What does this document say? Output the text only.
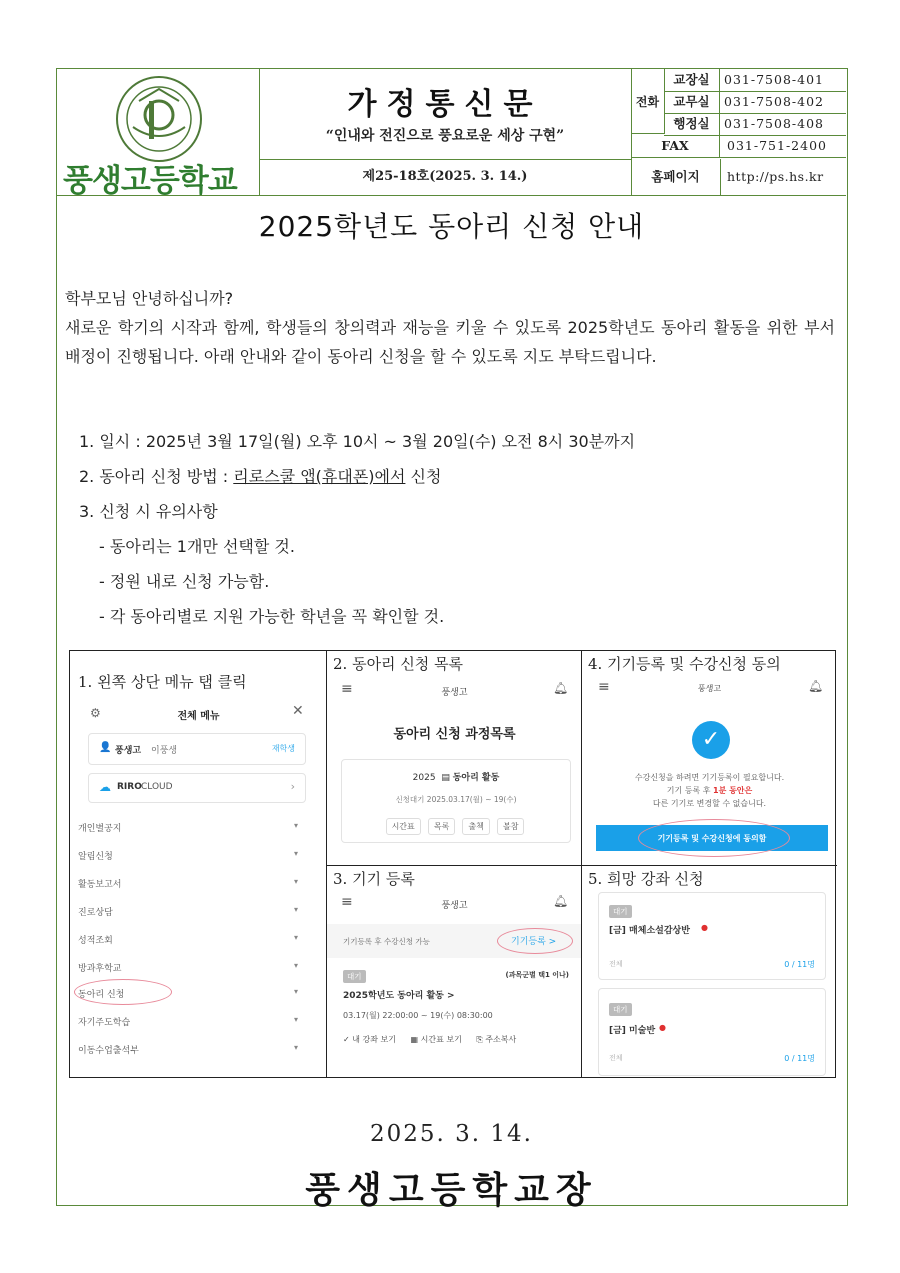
풍생고등학교
가정통신문
“인내와 전진으로 풍요로운 세상 구현”
제25-18호(2025. 3. 14.)
전화
교장실	031-7508-401
교무실	031-7508-402
행정실	031-7508-408
FAX	031-751-2400
홈페이지	http://ps.hs.kr
2025학년도 동아리 신청 안내

학부모님 안녕하십니까?

새로운 학기의 시작과 함께, 학생들의 창의력과 재능을 키울 수 있도록 2025학년도 동아리 활동을 위한 부서 배정이 진행됩니다. 아래 안내와 같이 동아리 신청을 할 수 있도록 지도 부탁드립니다.

1. 일시 : 2025년 3월 17일(월) 오후 10시 ~ 3월 20일(수) 오전 8시 30분까지
2. 동아리 신청 방법 : 리로스쿨 앱(휴대폰)에서 신청
3. 신청 시 유의사항
- 동아리는 1개만 선택할 것.
- 정원 내로 신청 가능함.
- 각 동아리별로 지원 가능한 학년을 꼭 확인할 것.
1. 왼쪽 상단 메뉴 탭 클릭
⚙	전체 메뉴	✕
👤 풍생고 이풍생	재학생
☁ RIRO CLOUD	›
개인별공지	▾
알림신청	▾
활동보고서	▾
진로상담	▾
성적조회	▾
방과후학교	▾
동아리 신청	▾
자기주도학습	▾
이동수업출석부	▾
2. 동아리 신청 목록
≡	풍생고	🔔︎
동아리 신청 과정목록
2025 ▤ 동아리 활동
신청대기 2025.03.17(월) ~ 19(수)
시간표 목록 출첵 볼참
3. 기기 등록
≡	풍생고	🔔︎
기기등록 후 수강신청 가능	기기등록 >
대기	(과목군별 택1 이나)
2025학년도 동아리 활동 >
03.17(월) 22:00:00 ~ 19(수) 08:30:00
✓ 내 강좌 보기 ▦ 시간표 보기 ⎘ 주소복사
4. 기기등록 및 수강신청 동의
≡	풍생고	🔔︎
✓
수강신청을 하려면 기기등록이 필요합니다.
기기 등록 후 1분 동안은
다른 기기로 변경할 수 없습니다.
기기등록 및 수강신청에 동의함
5. 희망 강좌 신청
대기
[금] 매체소설감상반 ●
전체	0 / 11명
대기
[금] 미술반 ●
전체	0 / 11명
2025. 3. 14.
풍생고등학교장
